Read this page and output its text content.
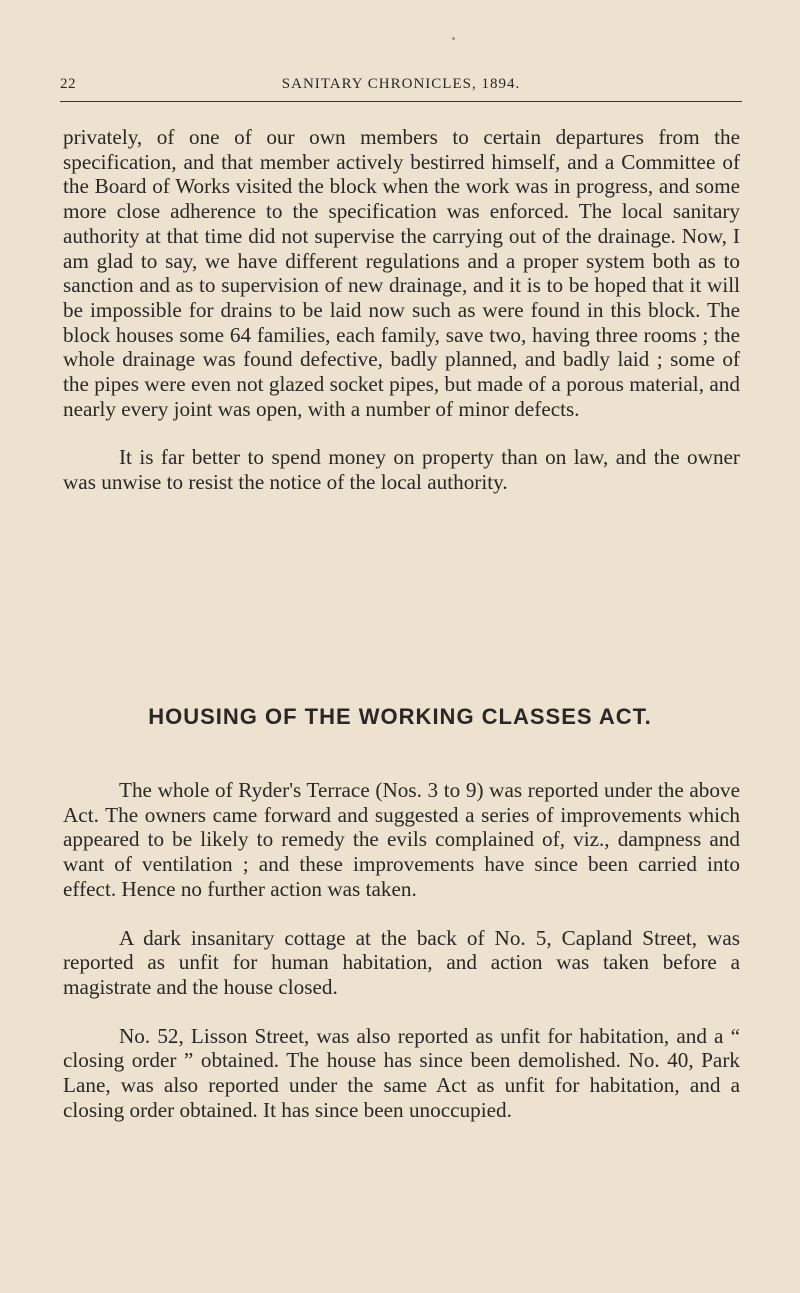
22	SANITARY CHRONICLES, 1894.

privately, of one of our own members to certain departures from the specification, and that member actively bestirred himself, and a Committee of the Board of Works visited the block when the work was in progress, and some more close adherence to the specification was enforced. The local sanitary authority at that time did not supervise the carrying out of the drainage. Now, I am glad to say, we have different regulations and a proper system both as to sanction and as to supervision of new drainage, and it is to be hoped that it will be impossible for drains to be laid now such as were found in this block. The block houses some 64 families, each family, save two, having three rooms ; the whole drainage was found defective, badly planned, and badly laid ; some of the pipes were even not glazed socket pipes, but made of a porous material, and nearly every joint was open, with a number of minor defects.

It is far better to spend money on property than on law, and the owner was unwise to resist the notice of the local authority.

HOUSING OF THE WORKING CLASSES ACT.

The whole of Ryder's Terrace (Nos. 3 to 9) was reported under the above Act. The owners came forward and suggested a series of improvements which appeared to be likely to remedy the evils complained of, viz., dampness and want of ventilation ; and these improvements have since been carried into effect. Hence no further action was taken.

A dark insanitary cottage at the back of No. 5, Capland Street, was reported as unfit for human habitation, and action was taken before a magistrate and the house closed.

No. 52, Lisson Street, was also reported as unfit for habitation, and a “ closing order ” obtained. The house has since been demolished. No. 40, Park Lane, was also reported under the same Act as unfit for habitation, and a closing order obtained. It has since been unoccupied.
